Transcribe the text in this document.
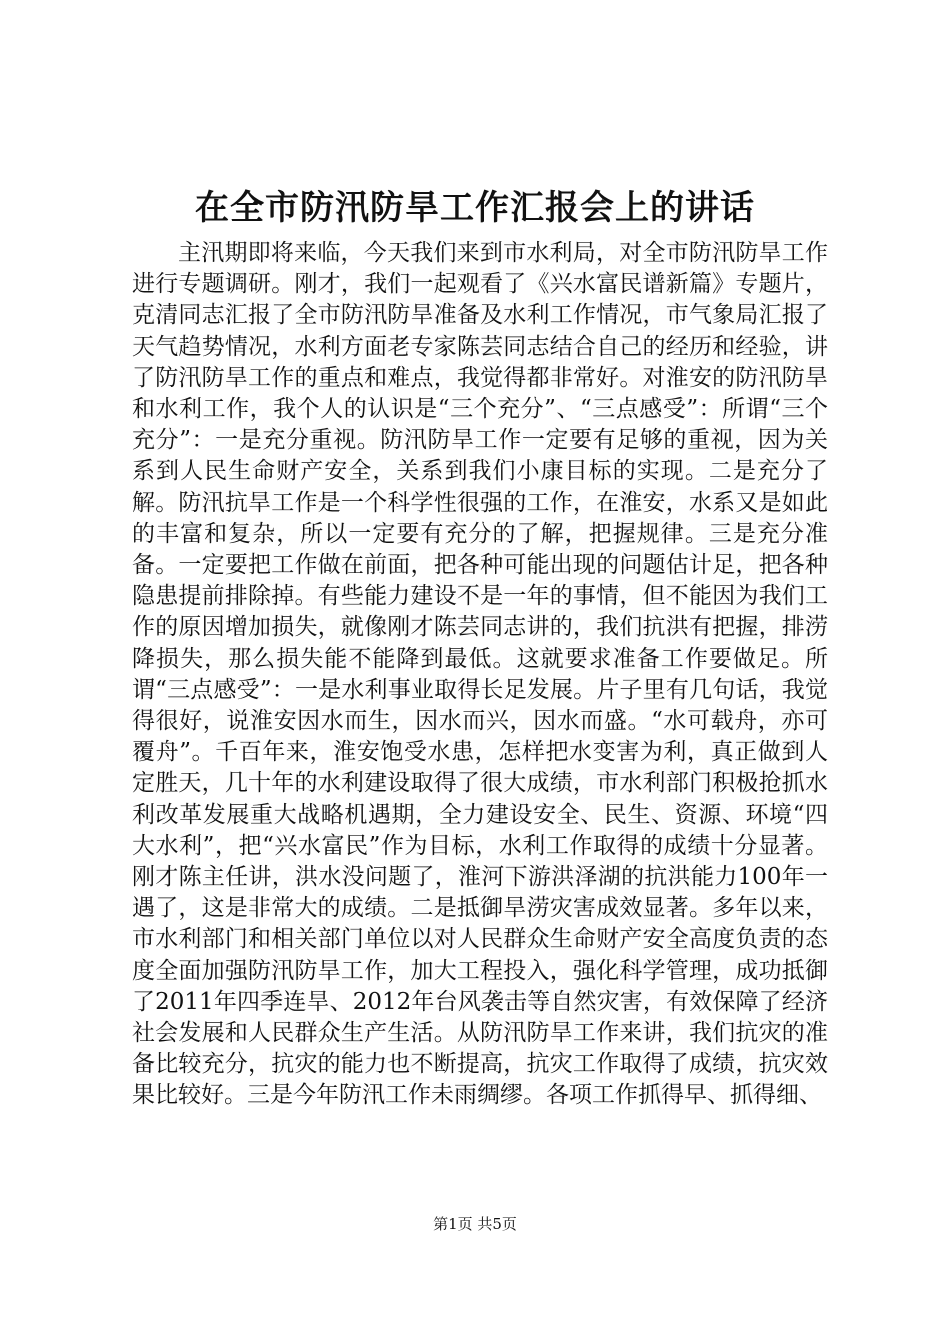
在全市防汛防旱工作汇报会上的讲话

主汛期即将来临，今天我们来到市水利局，对全市防汛防旱工作进行专题调研。刚才，我们一起观看了《兴水富民谱新篇》专题片，克清同志汇报了全市防汛防旱准备及水利工作情况，市气象局汇报了天气趋势情况，水利方面老专家陈芸同志结合自己的经历和经验，讲了防汛防旱工作的重点和难点，我觉得都非常好。对淮安的防汛防旱和水利工作，我个人的认识是“三个充分”、“三点感受”：所谓“三个充分”：一是充分重视。防汛防旱工作一定要有足够的重视，因为关系到人民生命财产安全，关系到我们小康目标的实现。二是充分了解。防汛抗旱工作是一个科学性很强的工作，在淮安，水系又是如此的丰富和复杂，所以一定要有充分的了解，把握规律。三是充分准备。一定要把工作做在前面，把各种可能出现的问题估计足，把各种隐患提前排除掉。有些能力建设不是一年的事情，但不能因为我们工作的原因增加损失，就像刚才陈芸同志讲的，我们抗洪有把握，排涝降损失，那么损失能不能降到最低。这就要求准备工作要做足。所谓“三点感受”：一是水利事业取得长足发展。片子里有几句话，我觉得很好，说淮安因水而生，因水而兴，因水而盛。“水可载舟，亦可覆舟”。千百年来，淮安饱受水患，怎样把水变害为利，真正做到人定胜天，几十年的水利建设取得了很大成绩，市水利部门积极抢抓水利改革发展重大战略机遇期，全力建设安全、民生、资源、环境“四大水利”，把“兴水富民”作为目标，水利工作取得的成绩十分显著。刚才陈主任讲，洪水没问题了，淮河下游洪泽湖的抗洪能力100年一遇了，这是非常大的成绩。二是抵御旱涝灾害成效显著。多年以来，市水利部门和相关部门单位以对人民群众生命财产安全高度负责的态度全面加强防汛防旱工作，加大工程投入，强化科学管理，成功抵御了2011年四季连旱、2012年台风袭击等自然灾害，有效保障了经济社会发展和人民群众生产生活。从防汛防旱工作来讲，我们抗灾的准备比较充分，抗灾的能力也不断提高，抗灾工作取得了成绩，抗灾效果比较好。三是今年防汛工作未雨绸缪。各项工作抓得早、抓得细、

第1页 共5页
